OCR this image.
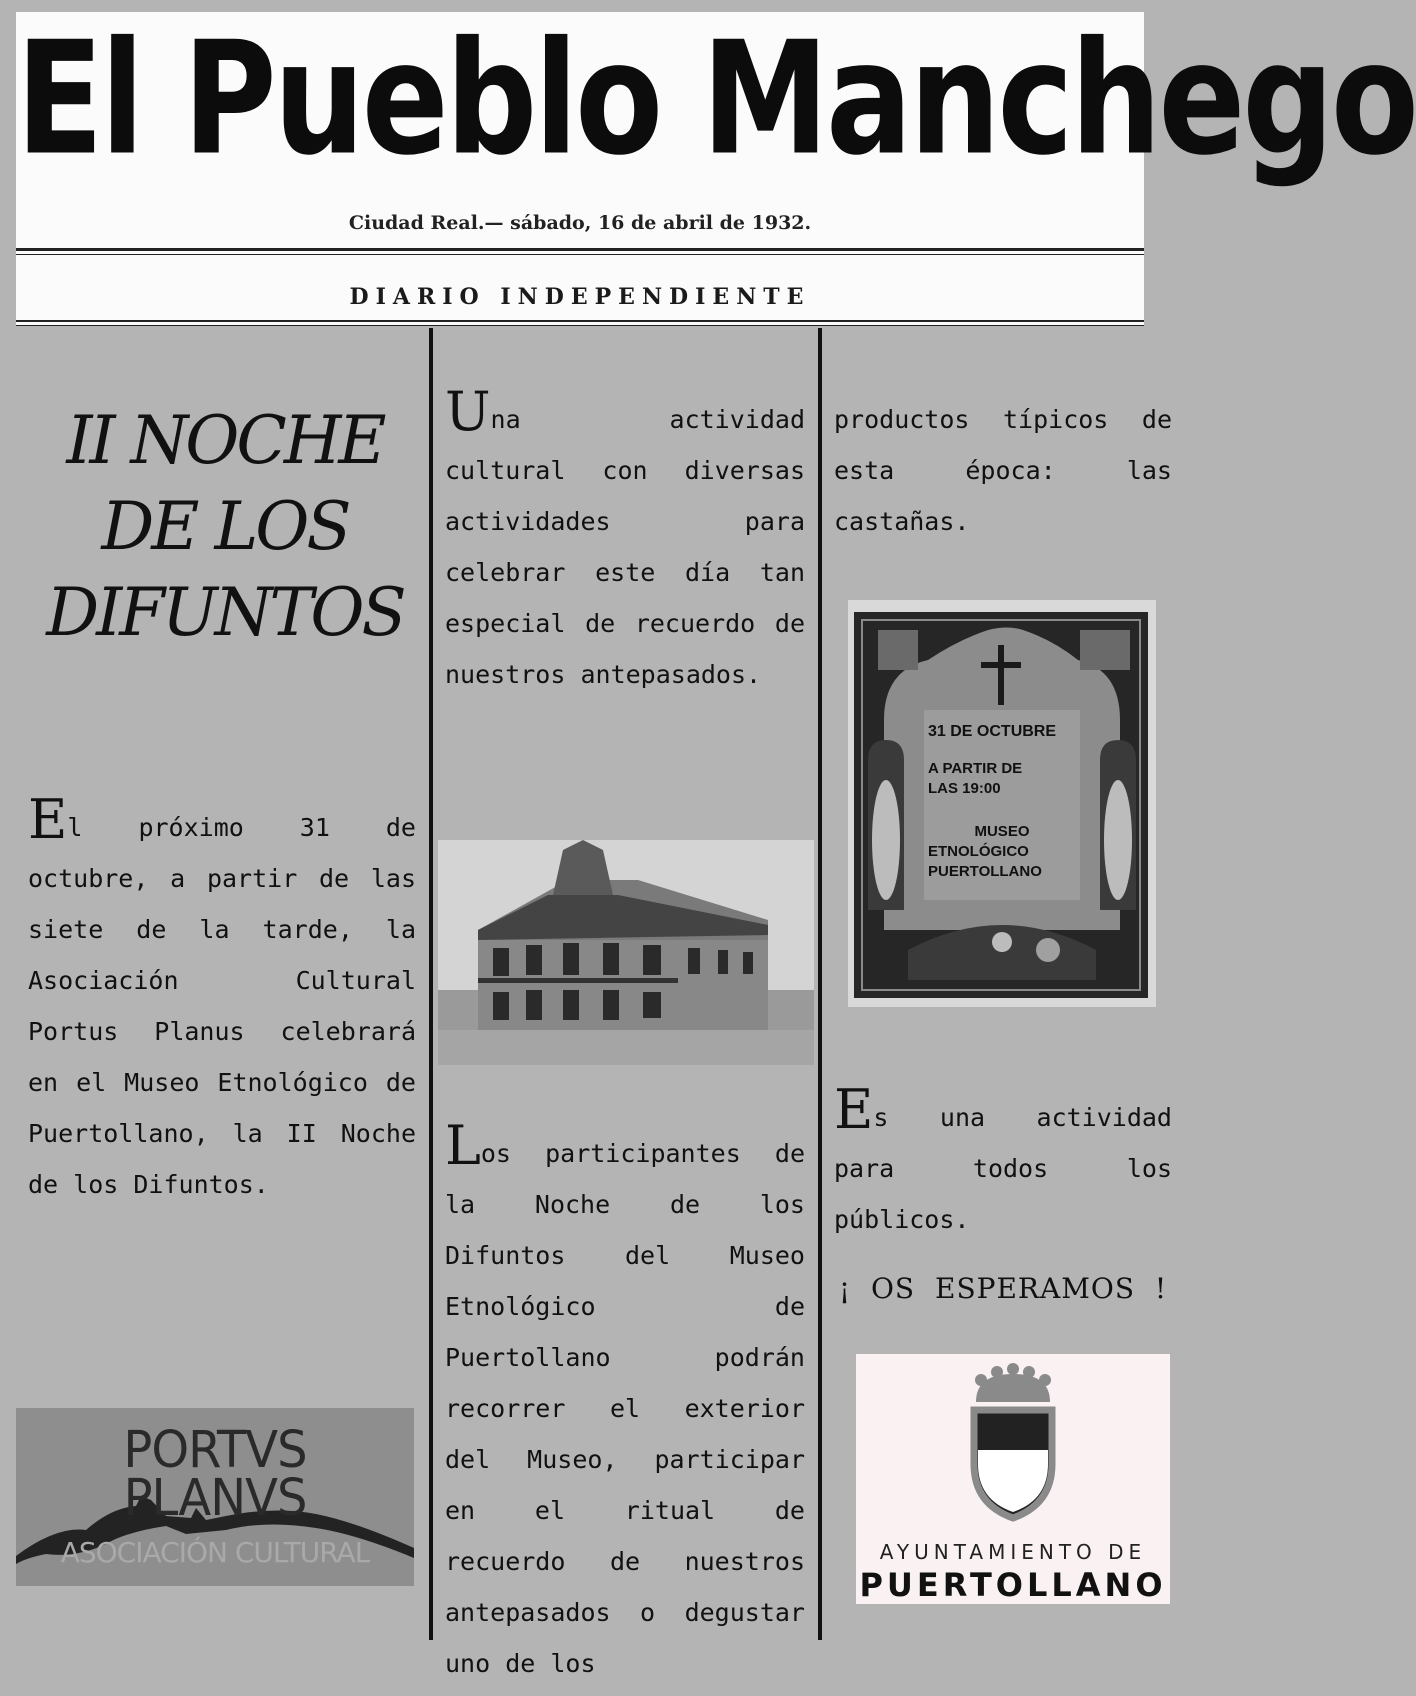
El Pueblo Manchego
Ciudad Real.— sábado, 16 de abril de 1932.
DIARIO INDEPENDIENTE
II NOCHE
DE LOS
DIFUNTOS
El próximo 31 de octubre, a partir de las siete de la tarde, la Asociación Cultural Portus Planus celebrará en el Museo Etnológico de Puertollano, la II Noche de los Difuntos.
Una actividad cultural con diversas actividades para celebrar este día tan especial de recuerdo de nuestros antepasados.
Los participantes de la Noche de los Difuntos del Museo Etnológico de Puertollano podrán recorrer el exterior del Museo, participar en el ritual de recuerdo de nuestros antepasados o degustar uno de los
productos típicos de esta época: las castañas.
31 DE OCTUBRE
A PARTIR DE
LAS 19:00
MUSEO
ETNOLÓGICO
PUERTOLLANO
Es una actividad para todos los públicos.
¡ OS ESPERAMOS !
PORTVS
PLANVS
ASOCIACIÓN CULTURAL	AYUNTAMIENTO DE
PUERTOLLANO
